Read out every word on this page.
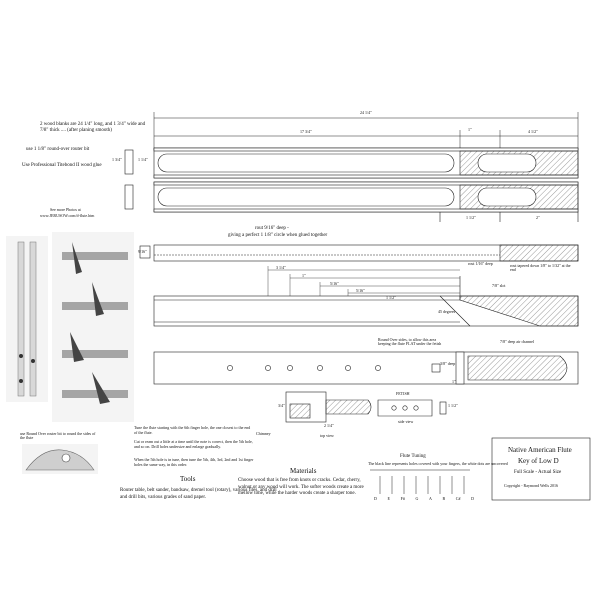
2 wood blanks are 24 1/4" long, and 1 3/4" wide and 7/8" thick .... (after planing smooth)
use 1 1/8" round-over router bit
Use Professional Titebond II wood glue
See more Photos at
www.JERUSOW.com/d-flute.htm
24 1/4"
17 3/4"	1"	4 1/2"
1 3/4"	1 1/4"
1 1/2"	2"
rout 9/16" deep -
giving a perfect 1 1/8" circle when glued together
9/16"
3 1/4"
1"
5/16"
5/16"
1 1/2"
rout 1/16" deep	rout tapered down 1/8" to 1/32" at the end
7/8" slot
45 degrees
Round Over sides, to allow this area keeping the flute FLAT under the fetish	7/8" deep air channel
3/8" deep
3/4"
2 1/4"
top view
Chimney
FETISH
side view
1 1/2"
1"
use Round Over router bit to round the sides of the flute
Tune the flute starting with the 6th finger hole, the one closest to the end of the flute.
Cut or ream out a little at a time until the note is correct, then the 5th hole, and so on. Drill holes undersize and enlarge gradually.
When the 5th hole is in tune, then tune the 5th, 4th, 3rd, 2nd and 1st finger holes the same way, in this order.
Tools
Router table, belt sander, bandsaw, dremel tool (rotary), various files, and drill and drill bits, various grades of sand paper.
Materials
Choose wood that is free from knots or cracks. Cedar, cherry, walnut or any wood will work. The softer woods create a more mellow tone, while the harder woods create a sharper tone.
Flute Tuning
The black line represents holes covered with your fingers, the white dots are uncovered
D	E	F#	G	A	B	C#	D
Native American Flute
Key of Low D
Full Scale - Actual Size
Copyright - Raymond Wells 2016
